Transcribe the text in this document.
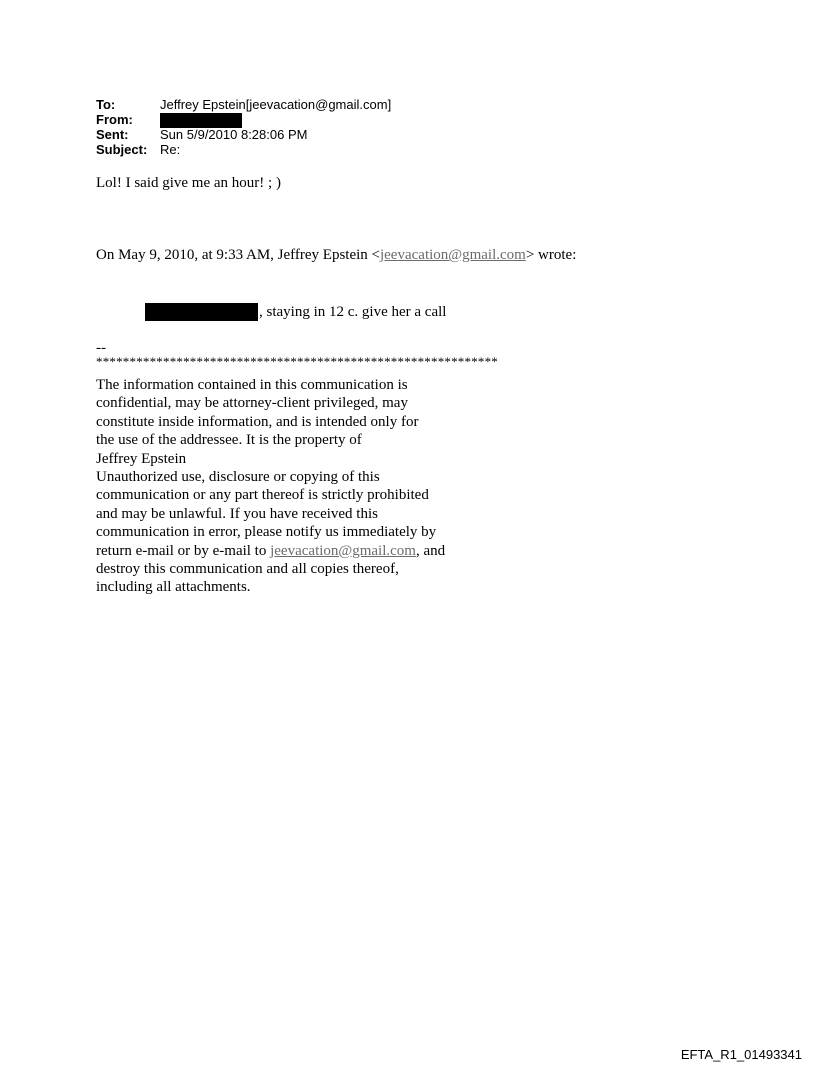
To:	Jeffrey Epstein[jeevacation@gmail.com]
From:
Sent:	Sun 5/9/2010 8:28:06 PM
Subject: Re:
Lol! I said give me an hour! ; )
On May 9, 2010, at 9:33 AM, Jeffrey Epstein <jeevacation@gmail.com> wrote:
, staying in 12 c. give her a call
--
************************************************************
The information contained in this communication is
confidential, may be attorney-client privileged, may
constitute inside information, and is intended only for
the use of the addressee. It is the property of
Jeffrey Epstein
Unauthorized use, disclosure or copying of this
communication or any part thereof is strictly prohibited
and may be unlawful. If you have received this
communication in error, please notify us immediately by
return e-mail or by e-mail to jeevacation@gmail.com, and
destroy this communication and all copies thereof,
including all attachments.
EFTA_R1_01493341
